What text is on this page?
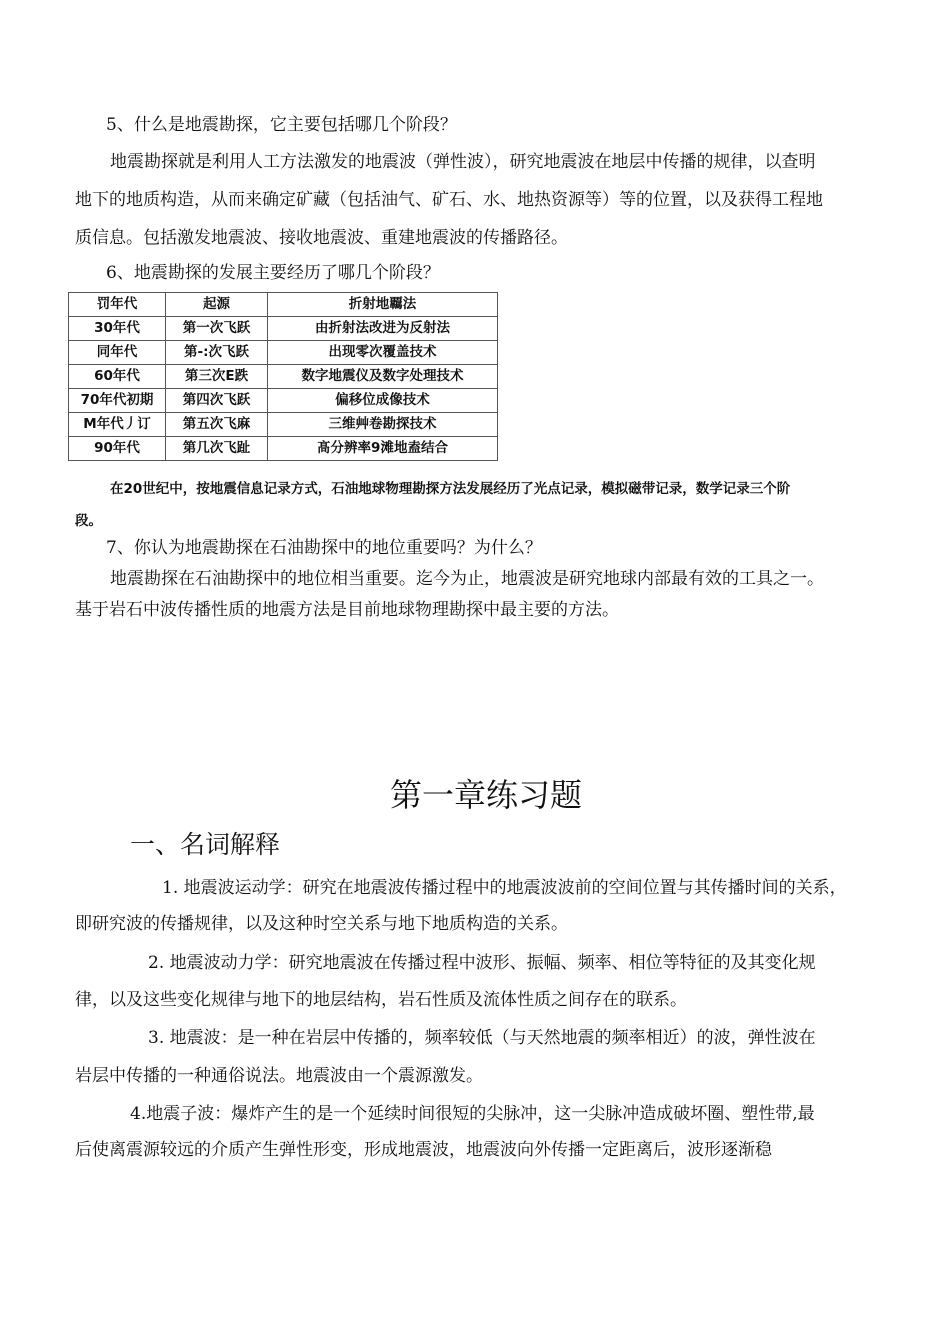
5、什么是地震勘探，它主要包括哪几个阶段？
地震勘探就是利用人工方法激发的地震波（弹性波），研究地震波在地层中传播的规律，以查明
地下的地质构造，从而来确定矿藏（包括油气、矿石、水、地热资源等）等的位置，以及获得工程地
质信息。包括激发地震波、接收地震波、重建地震波的传播路径。
6、地震勘探的发展主要经历了哪几个阶段？
罚年代	起源	折射地覊法
30年代	第一次飞跃	由折射法改进为反射法
同年代	第-:次飞跃	出现零次覆盖技术
60年代	第三次E跌	数字地震仪及数字处理技术
70年代初期	第四次飞跃	偏移位成像技术
M年代丿订	第五次飞麻	三维艸卷勘探技术
90年代	第几次飞趾	髙分辨率9滩地盍结合
在20世纪中，按地震信息记录方式，石油地球物理勘探方法发展经历了光点记录，模拟磁带记录，数学记录三个阶
段。
7、你认为地震勘探在石油勘探中的地位重要吗？为什么？
地震勘探在石油勘探中的地位相当重要。迄今为止，地震波是研究地球内部最有效的工具之一。
基于岩石中波传播性质的地震方法是目前地球物理勘探中最主要的方法。
第一章练习题
一、名词解释
1. 地震波运动学：研究在地震波传播过程中的地震波波前的空间位置与其传播时间的关系，
即研究波的传播规律，以及这种时空关系与地下地质构造的关系。
2. 地震波动力学：研究地震波在传播过程中波形、振幅、频率、相位等特征的及其变化规
律，以及这些变化规律与地下的地层结构，岩石性质及流体性质之间存在的联系。
3. 地震波：是一种在岩层中传播的，频率较低（与天然地震的频率相近）的波，弹性波在
岩层中传播的一种通俗说法。地震波由一个震源激发。
4.地震子波：爆炸产生的是一个延续时间很短的尖脉冲，这一尖脉冲造成破坏圈、塑性带,最
后使离震源较远的介质产生弹性形变，形成地震波，地震波向外传播一定距离后，波形逐渐稳
